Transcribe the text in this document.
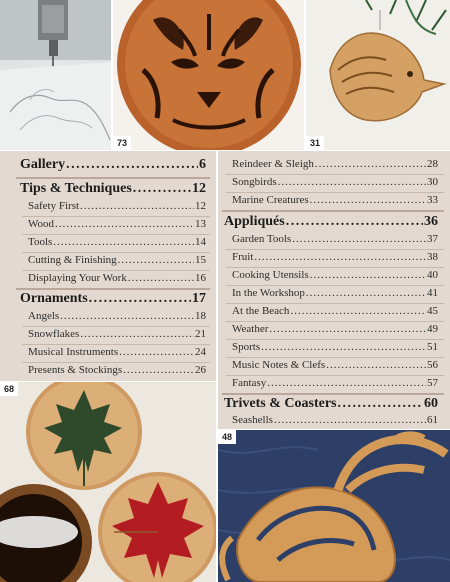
73	31
Gallery .....	6
Tips & Techniques .....	12
Safety First .....	12
Wood .....	13
Tools .....	14
Cutting & Finishing .....	15
Displaying Your Work .....	16
Ornaments .....	17
Angels .....	18
Snowflakes .....	21
Musical Instruments .....	24
Presents & Stockings .....	26
Reindeer & Sleigh .....	28
Songbirds .....	30
Marine Creatures .....	33
Appliqués .....	36
Garden Tools .....	37
Fruit .....	38
Cooking Utensils .....	40
In the Workshop .....	41
At the Beach .....	45
Weather .....	49
Sports .....	51
Music Notes & Clefs .....	56
Fantasy .....	57
Trivets & Coasters .....	60
Seashells .....	61
68
48
